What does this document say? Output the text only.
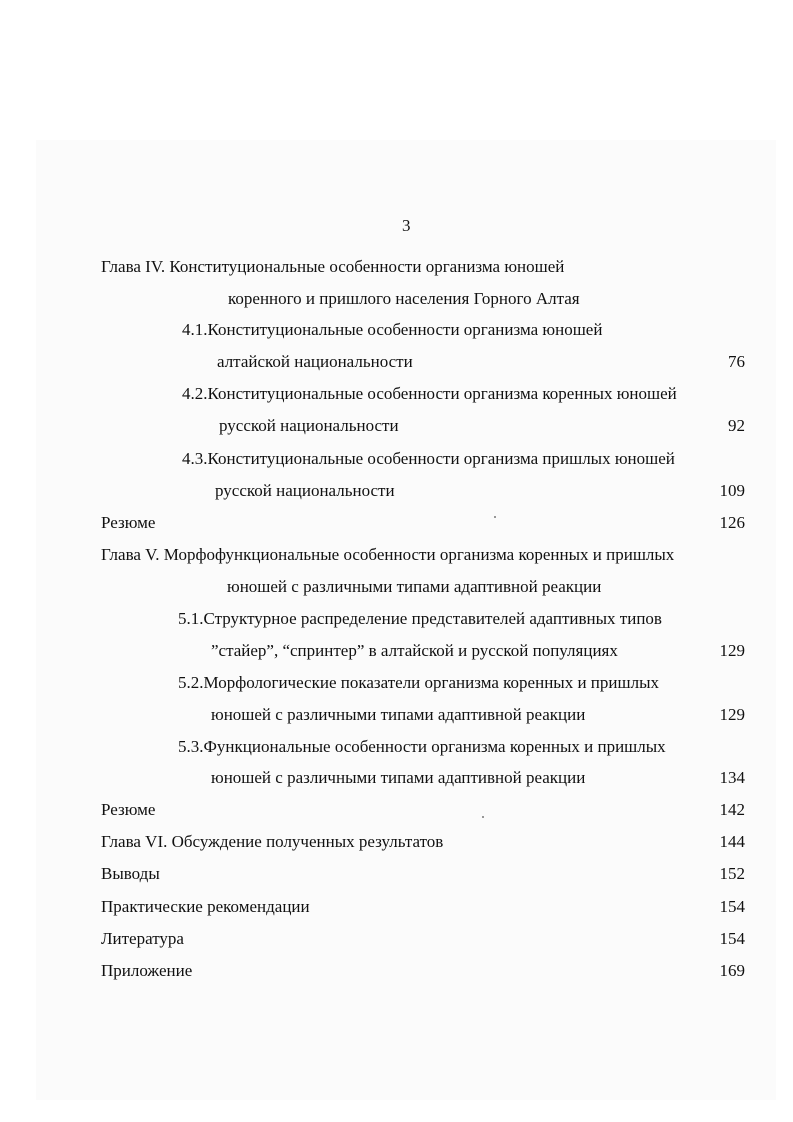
3
Глава IV. Конституциональные особенности организма юношей
коренного и пришлого населения Горного Алтая
4.1.Конституциональные особенности организма юношей
алтайской национальности	76
4.2.Конституциональные особенности организма коренных юношей
русской национальности	92
4.3.Конституциональные особенности организма пришлых юношей
русской национальности	109
Резюме	126
Глава V. Морфофункциональные особенности организма коренных и пришлых
юношей с различными типами адаптивной реакции
5.1.Структурное распределение представителей адаптивных типов
”стайер”, “спринтер” в алтайской и русской популяциях	129
5.2.Морфологические показатели организма коренных и пришлых
юношей с различными типами адаптивной реакции	129
5.3.Функциональные особенности организма коренных и пришлых
юношей с различными типами адаптивной реакции	134
Резюме	142
Глава VI. Обсуждение полученных результатов	144
Выводы	152
Практические рекомендации	154
Литература	154
Приложение	169
